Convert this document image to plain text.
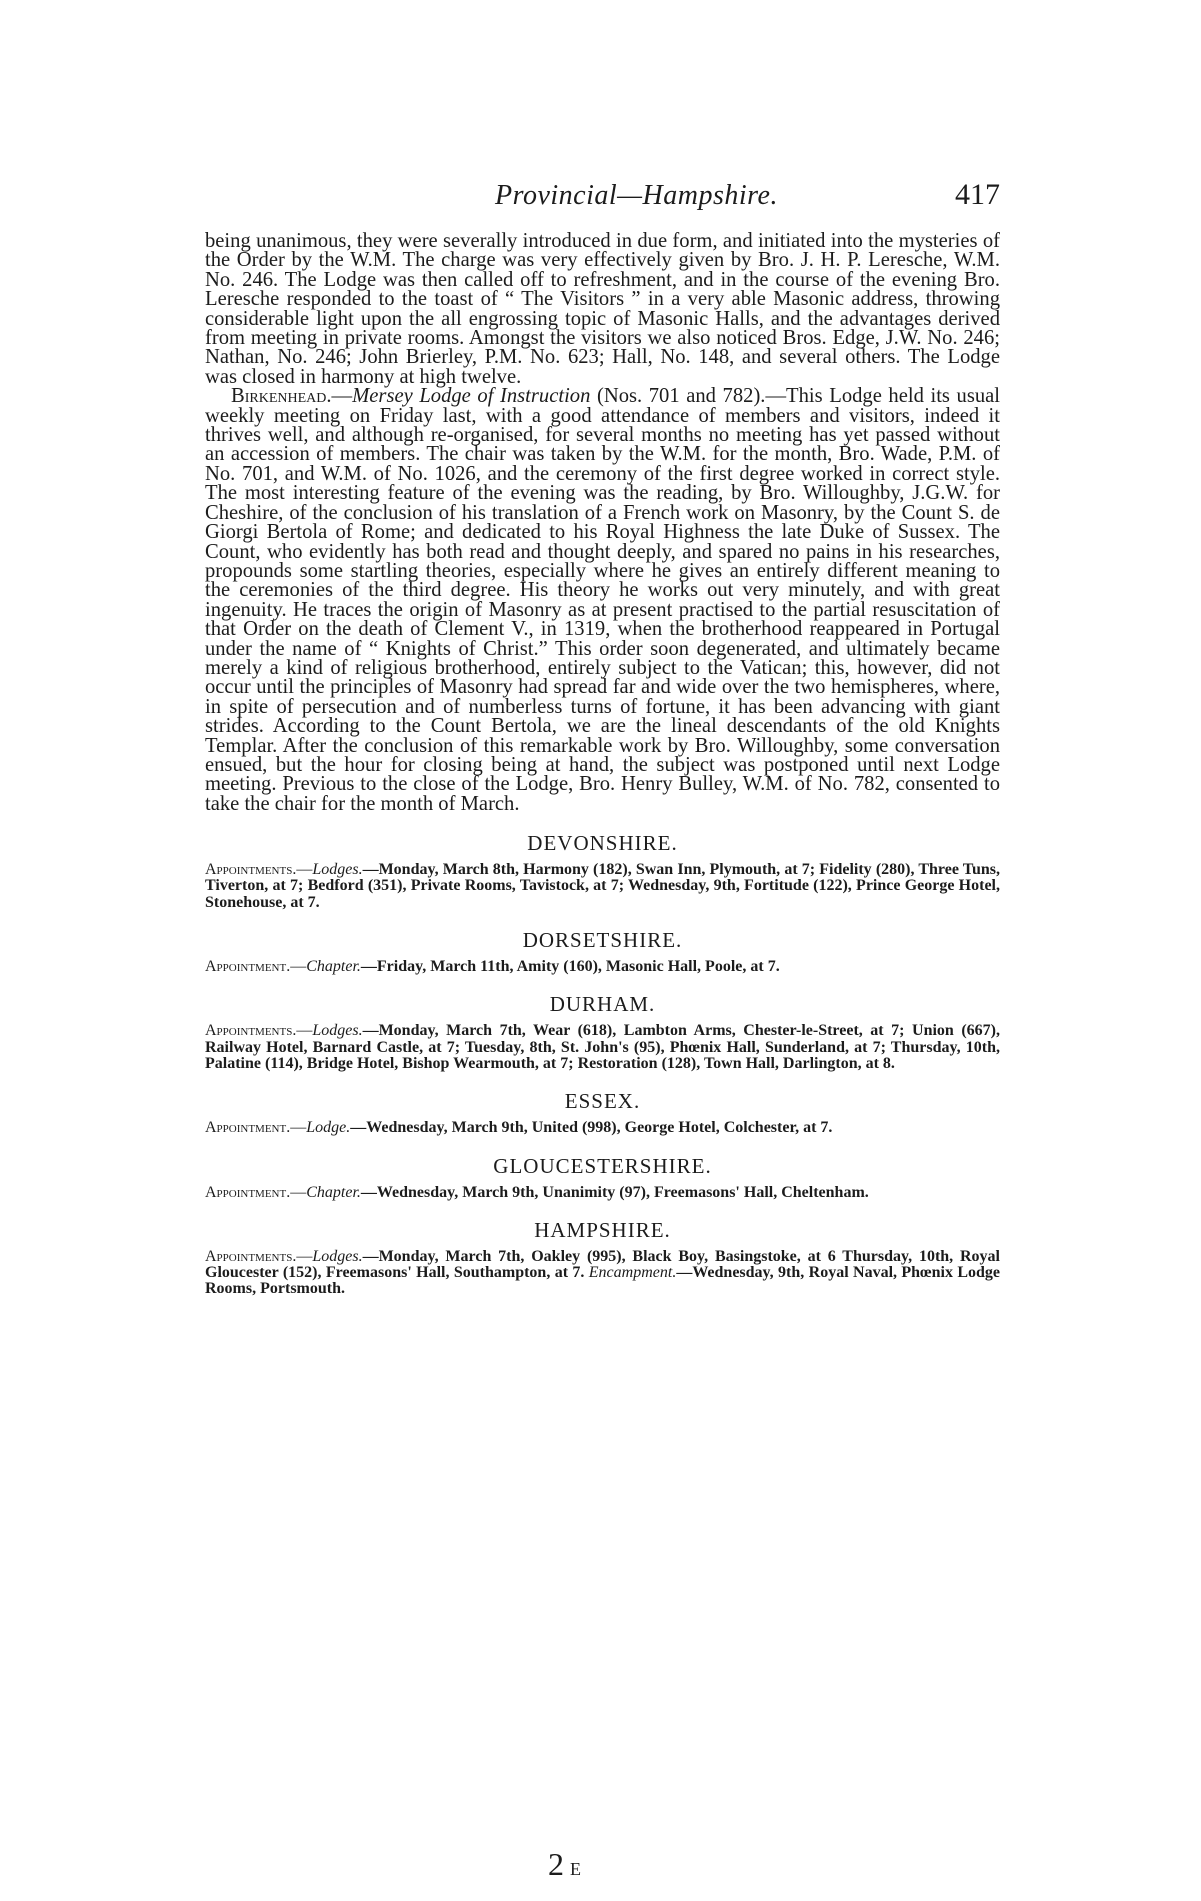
Provincial—Hampshire.	417

being unanimous, they were severally introduced in due form, and initiated into the mysteries of the Order by the W.M. The charge was very effectively given by Bro. J. H. P. Leresche, W.M. No. 246. The Lodge was then called off to refreshment, and in the course of the evening Bro. Leresche responded to the toast of “ The Visitors ” in a very able Masonic address, throwing considerable light upon the all engrossing topic of Masonic Halls, and the advantages derived from meeting in private rooms. Amongst the visitors we also noticed Bros. Edge, J.W. No. 246; Nathan, No. 246; John Brierley, P.M. No. 623; Hall, No. 148, and several others. The Lodge was closed in harmony at high twelve.

Birkenhead.—Mersey Lodge of Instruction (Nos. 701 and 782).—This Lodge held its usual weekly meeting on Friday last, with a good attendance of members and visitors, indeed it thrives well, and although re-organised, for several months no meeting has yet passed without an accession of members. The chair was taken by the W.M. for the month, Bro. Wade, P.M. of No. 701, and W.M. of No. 1026, and the ceremony of the first degree worked in correct style. The most interesting feature of the evening was the reading, by Bro. Willoughby, J.G.W. for Cheshire, of the conclusion of his translation of a French work on Masonry, by the Count S. de Giorgi Bertola of Rome; and dedicated to his Royal Highness the late Duke of Sussex. The Count, who evidently has both read and thought deeply, and spared no pains in his researches, propounds some startling theories, especially where he gives an entirely different meaning to the ceremonies of the third degree. His theory he works out very minutely, and with great ingenuity. He traces the origin of Masonry as at present practised to the partial resuscitation of that Order on the death of Clement V., in 1319, when the brotherhood reappeared in Portugal under the name of “ Knights of Christ.” This order soon degenerated, and ultimately became merely a kind of religious brotherhood, entirely subject to the Vatican; this, however, did not occur until the principles of Masonry had spread far and wide over the two hemispheres, where, in spite of persecution and of numberless turns of fortune, it has been advancing with giant strides. According to the Count Bertola, we are the lineal descendants of the old Knights Templar. After the conclusion of this remarkable work by Bro. Willoughby, some conversation ensued, but the hour for closing being at hand, the subject was postponed until next Lodge meeting. Previous to the close of the Lodge, Bro. Henry Bulley, W.M. of No. 782, consented to take the chair for the month of March.

DEVONSHIRE.

Appointments.—Lodges.—Monday, March 8th, Harmony (182), Swan Inn, Plymouth, at 7; Fidelity (280), Three Tuns, Tiverton, at 7; Bedford (351), Private Rooms, Tavistock, at 7; Wednesday, 9th, Fortitude (122), Prince George Hotel, Stonehouse, at 7.

DORSETSHIRE.

Appointment.—Chapter.—Friday, March 11th, Amity (160), Masonic Hall, Poole, at 7.

DURHAM.

Appointments.—Lodges.—Monday, March 7th, Wear (618), Lambton Arms, Chester-le-Street, at 7; Union (667), Railway Hotel, Barnard Castle, at 7; Tuesday, 8th, St. John's (95), Phœnix Hall, Sunderland, at 7; Thursday, 10th, Palatine (114), Bridge Hotel, Bishop Wearmouth, at 7; Restoration (128), Town Hall, Darlington, at 8.

ESSEX.

Appointment.—Lodge.—Wednesday, March 9th, United (998), George Hotel, Colchester, at 7.

GLOUCESTERSHIRE.

Appointment.—Chapter.—Wednesday, March 9th, Unanimity (97), Freemasons' Hall, Cheltenham.

HAMPSHIRE.

Appointments.—Lodges.—Monday, March 7th, Oakley (995), Black Boy, Basingstoke, at 6 Thursday, 10th, Royal Gloucester (152), Freemasons' Hall, Southampton, at 7. Encampment.—Wednesday, 9th, Royal Naval, Phœnix Lodge Rooms, Portsmouth.

2 E
